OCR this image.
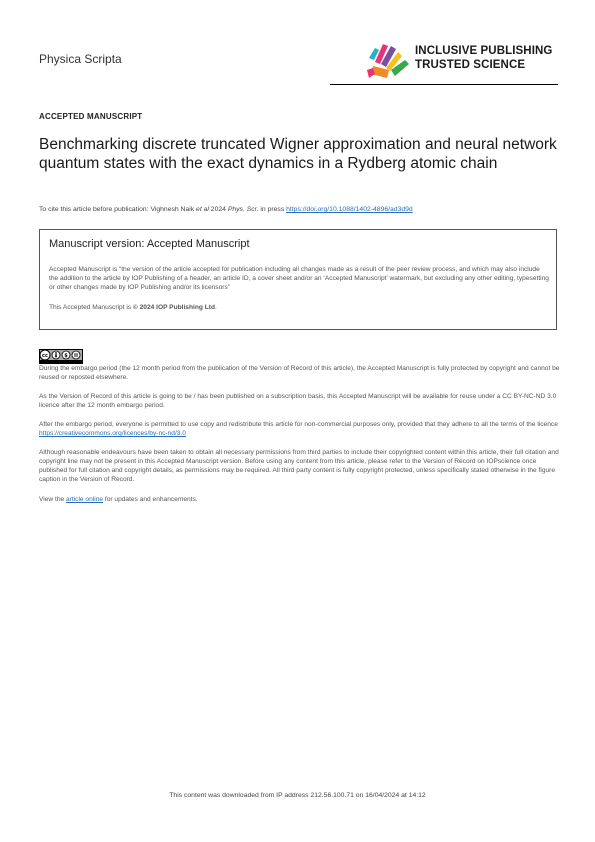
Physica Scripta
INCLUSIVE PUBLISHING
TRUSTED SCIENCE
ACCEPTED MANUSCRIPT
Benchmarking discrete truncated Wigner approximation and neural network quantum states with the exact dynamics in a Rydberg atomic chain
To cite this article before publication: Vighnesh Naik et al 2024 Phys. Scr. in press https://doi.org/10.1088/1402-4896/ad3d9d
Manuscript version: Accepted Manuscript
Accepted Manuscript is “the version of the article accepted for publication including all changes made as a result of the peer review process, and which may also include the addition to the article by IOP Publishing of a header, an article ID, a cover sheet and/or an ‘Accepted Manuscript’ watermark, but excluding any other editing, typesetting or other changes made by IOP Publishing and/or its licensors”
This Accepted Manuscript is © 2024 IOP Publishing Ltd.
cc	$
During the embargo period (the 12 month period from the publication of the Version of Record of this article), the Accepted Manuscript is fully protected by copyright and cannot be reused or reposted elsewhere.
As the Version of Record of this article is going to be / has been published on a subscription basis, this Accepted Manuscript will be available for reuse under a CC BY-NC-ND 3.0 licence after the 12 month embargo period.
After the embargo period, everyone is permitted to use copy and redistribute this article for non-commercial purposes only, provided that they adhere to all the terms of the licence https://creativecommons.org/licences/by-nc-nd/3.0
Although reasonable endeavours have been taken to obtain all necessary permissions from third parties to include their copyrighted content within this article, their full citation and copyright line may not be present in this Accepted Manuscript version. Before using any content from this article, please refer to the Version of Record on IOPscience once published for full citation and copyright details, as permissions may be required. All third party content is fully copyright protected, unless specifically stated otherwise in the figure caption in the Version of Record.
View the article online for updates and enhancements.
This content was downloaded from IP address 212.56.100.71 on 16/04/2024 at 14:12
